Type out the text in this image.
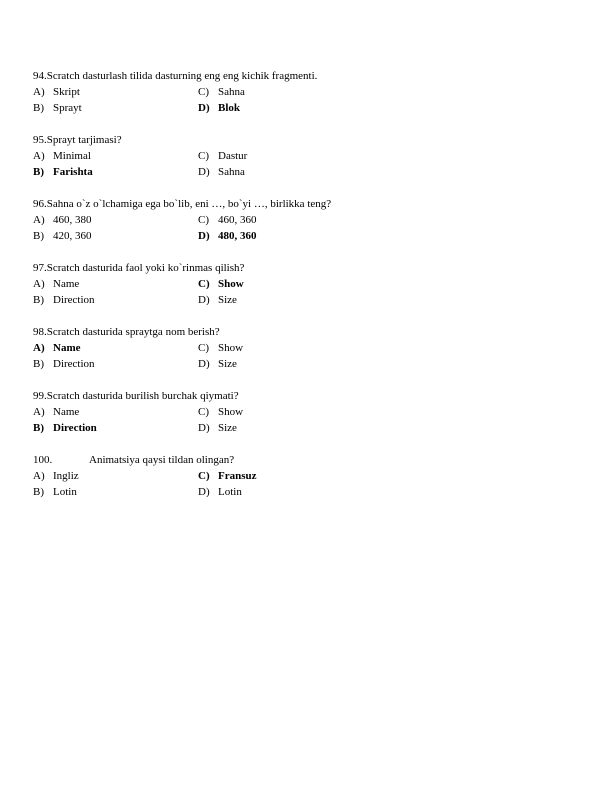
94. Scratch dasturlash tilida dasturning eng eng kichik fragmenti.
A) Skript	C) Sahna
B) Sprayt	D) Blok
95. Sprayt tarjimasi?
A) Minimal	C) Dastur
B) Farishta	D) Sahna
96. Sahna o`z o`lchamiga ega bo`lib, eni …, bo`yi …, birlikka teng?
A) 460, 380	C) 460, 360
B) 420, 360	D) 480, 360
97. Scratch dasturida faol yoki ko`rinmas qilish?
A) Name	C) Show
B) Direction	D) Size
98. Scratch dasturida spraytga nom berish?
A) Name	C) Show
B) Direction	D) Size
99. Scratch dasturida burilish burchak qiymati?
A) Name	C) Show
B) Direction	D) Size
100.	Animatsiya qaysi tildan olingan?
A) Ingliz	C) Fransuz
B) Lotin	D) Lotin
